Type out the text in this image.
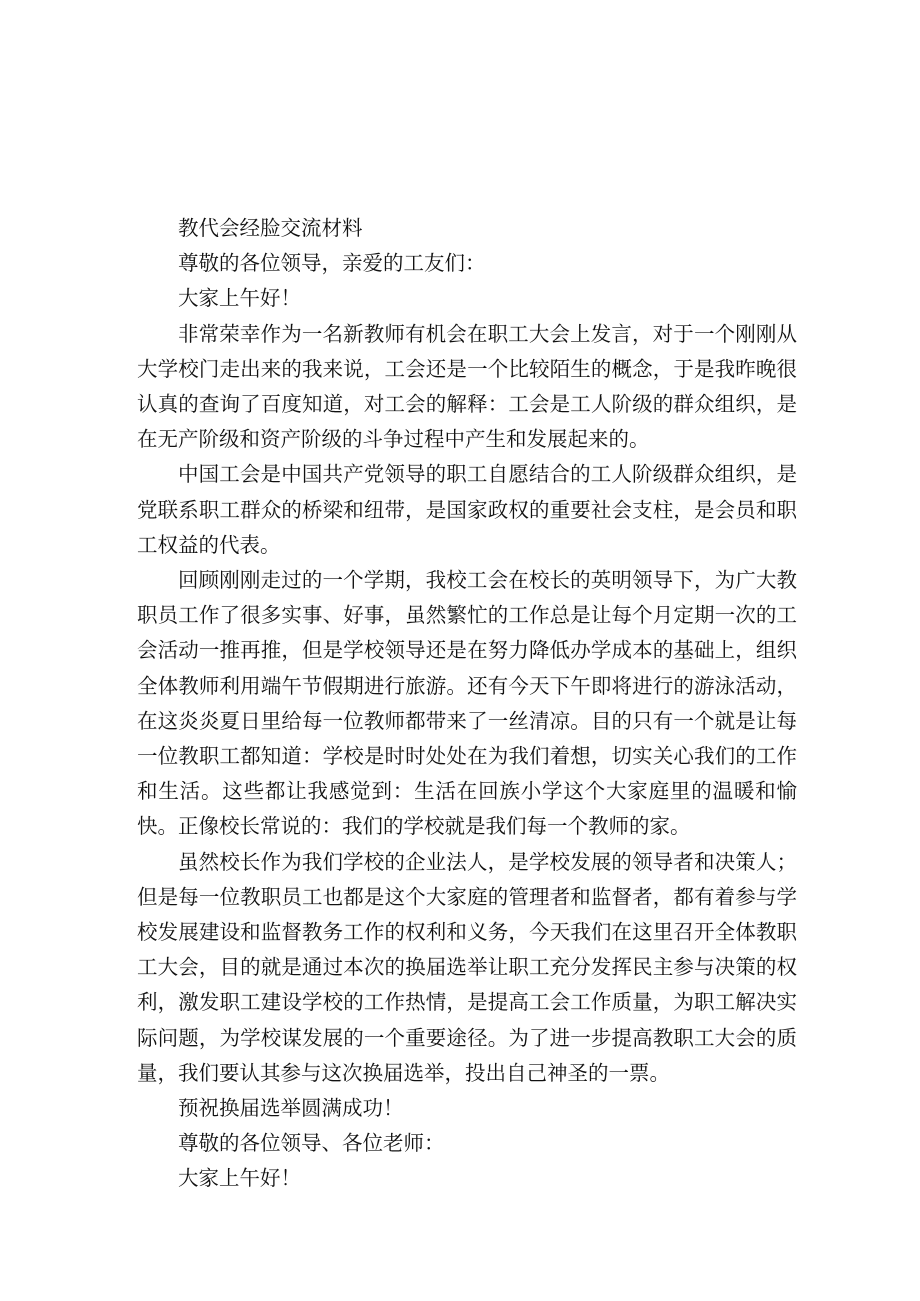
教代会经脸交流材料

尊敬的各位领导，亲爱的工友们：

大家上午好！

非常荣幸作为一名新教师有机会在职工大会上发言，对于一个刚刚从大学校门走出来的我来说，工会还是一个比较陌生的概念，于是我昨晚很认真的查询了百度知道，对工会的解释：工会是工人阶级的群众组织，是在无产阶级和资产阶级的斗争过程中产生和发展起来的。

中国工会是中国共产党领导的职工自愿结合的工人阶级群众组织，是党联系职工群众的桥梁和纽带，是国家政权的重要社会支柱，是会员和职工权益的代表。

回顾刚刚走过的一个学期，我校工会在校长的英明领导下，为广大教职员工作了很多实事、好事，虽然繁忙的工作总是让每个月定期一次的工会活动一推再推，但是学校领导还是在努力降低办学成本的基础上，组织全体教师利用端午节假期进行旅游。还有今天下午即将进行的游泳活动，在这炎炎夏日里给每一位教师都带来了一丝清凉。目的只有一个就是让每一位教职工都知道：学校是时时处处在为我们着想，切实关心我们的工作和生活。这些都让我感觉到：生活在回族小学这个大家庭里的温暖和愉快。正像校长常说的：我们的学校就是我们每一个教师的家。

虽然校长作为我们学校的企业法人，是学校发展的领导者和决策人；但是每一位教职员工也都是这个大家庭的管理者和监督者，都有着参与学校发展建设和监督教务工作的权利和义务，今天我们在这里召开全体教职工大会，目的就是通过本次的换届选举让职工充分发挥民主参与决策的权利，激发职工建设学校的工作热情，是提高工会工作质量，为职工解决实际问题，为学校谋发展的一个重要途径。为了进一步提高教职工大会的质量，我们要认其参与这次换届选举，投出自己神圣的一票。

预祝换届选举圆满成功！

尊敬的各位领导、各位老师：

大家上午好！
